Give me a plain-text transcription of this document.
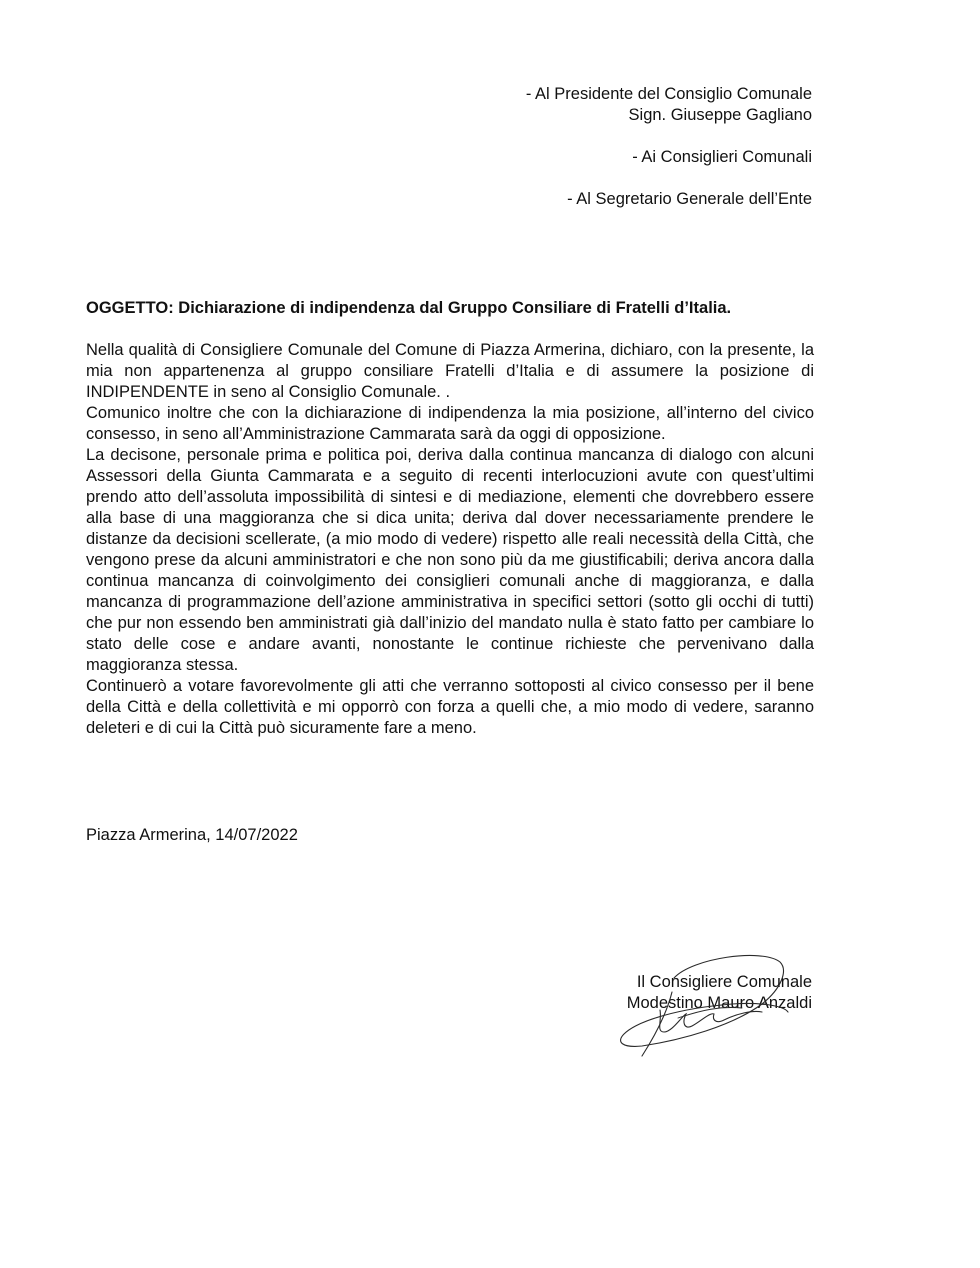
- Al Presidente del Consiglio Comunale

Sign. Giuseppe Gagliano

- Ai Consiglieri Comunali

- Al Segretario Generale dell’Ente

OGGETTO: Dichiarazione di indipendenza dal Gruppo Consiliare di Fratelli d’Italia.

Nella qualità di Consigliere Comunale del Comune di Piazza Armerina, dichiaro, con la presente, la mia non appartenenza al gruppo consiliare Fratelli d’Italia e di assumere la posizione di INDIPENDENTE in seno al Consiglio Comunale. .

Comunico inoltre che con la dichiarazione di indipendenza la mia posizione, all’interno del civico consesso, in seno all’Amministrazione Cammarata sarà da oggi di opposizione.

La decisone, personale prima e politica poi, deriva dalla continua mancanza di dialogo con alcuni Assessori della Giunta Cammarata e a seguito di recenti interlocuzioni avute con quest’ultimi prendo atto dell’assoluta impossibilità di sintesi e di mediazione, elementi che dovrebbero essere alla base di una maggioranza che si dica unita; deriva dal dover necessariamente prendere le distanze da decisioni scellerate, (a mio modo di vedere) rispetto alle reali necessità della Città, che vengono prese da alcuni amministratori e che non sono più da me giustificabili; deriva ancora dalla continua mancanza di coinvolgimento dei consiglieri comunali anche di maggioranza, e dalla mancanza di programmazione dell’azione amministrativa in specifici settori (sotto gli occhi di tutti) che pur non essendo ben amministrati già dall’inizio del mandato nulla è stato fatto per cambiare lo stato delle cose e andare avanti, nonostante le continue richieste che pervenivano dalla maggioranza stessa.

Continuerò a votare favorevolmente gli atti che verranno sottoposti al civico consesso per il bene della Città e della collettività e mi opporrò con forza a quelli che, a mio modo di vedere, saranno deleteri e di cui la Città può sicuramente fare a meno.

Piazza Armerina, 14/07/2022

Il Consigliere Comunale

Modestino Mauro Anzaldi
